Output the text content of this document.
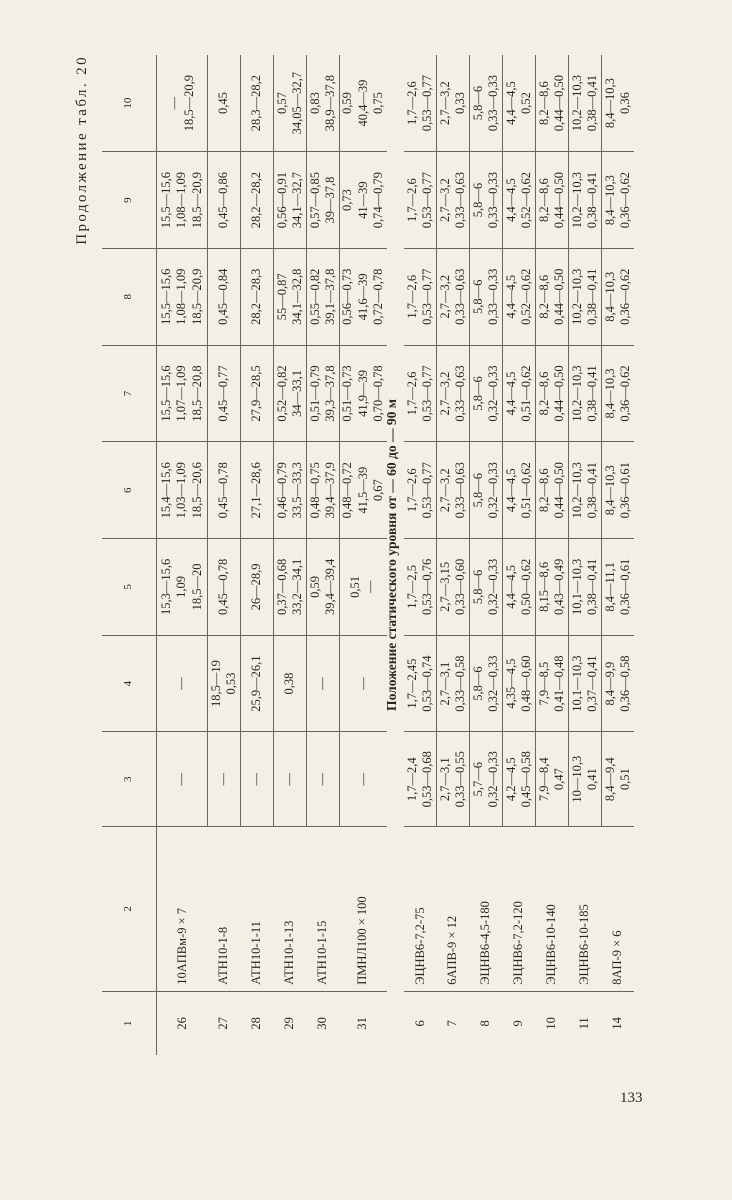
Продолжение табл. 20
1	2	3	4	5	6	7	8	9	10
26	10АПВм-9 × 7	—	—	15,3—15,6 1,09 18,5—20	15,4—15,6 1,03—1,09 18,5—20,6	15,5—15,6 1,07—1,09 18,5—20,8	15,5—15,6 1,08—1,09 18,5—20,9	15,5—15,6 1,08—1,09 18,5—20,9	— 18,5—20,9

27	АТН10-1-8	—	18,5—19 0,53	0,45—0,78	0,45—0,78	0,45—0,77	0,45—0,84	0,45—0,86	0,45

28	АТН10-1-11	—	25,9—26,1	26—28,9	27,1—28,6	27,9—28,5	28,2—28,3	28,2—28,2	28,3—28,2

29	АТН10-1-13	—	0,38	0,37—0,68 33,2—34,1	0,46—0,79 33,5—33,3	0,52—0,82 34—33,1	55—0,87 34,1—32,8	0,56—0,91 34,1—32,7	0,57 34,05—32,7

30	АТН10-1-15	—	—	0,59 39,4—39,4	0,48—0,75 39,4—37,9	0,51—0,79 39,3—37,8	0,55—0,82 39,1—37,8	0,57—0,85 39—37,8	0,83 38,9—37,8

31	ПМНЛ100 × 100	—	—	0,51 —	0,48—0,72 41,5—39 0,67	0,51—0,73 41,9—39 0,70—0,78	0,56—0,73 41,6—39 0,72—0,78	0,73 41—39 0,74—0,79	0,59 40,4—39 0,75
Положение статического уровня от — 60 до — 90 м
6	ЭЦНВ6-7,2-75	1,7—2,4 0,53—0,68	1,7—2,45 0,53—0,74	1,7—2,5 0,53—0,76	1,7—2,6 0,53—0,77	1,7—2,6 0,53—0,77	1,7—2,6 0,53—0,77	1,7—2,6 0,53—0,77	1,7—2,6 0,53—0,77

7	6АПВ-9 × 12	2,7—3,1 0,33—0,55	2,7—3,1 0,33—0,58	2,7—3,15 0,33—0,60	2,7—3,2 0,33—0,63	2,7—3,2 0,33—0,63	2,7—3,2 0,33—0,63	2,7—3,2 0,33—0,63	2,7—3,2 0,33

8	ЭЦНВ6-4,5-180	5,7—6 0,32—0,33	5,8—6 0,32—0,33	5,8—6 0,32—0,33	5,8—6 0,32—0,33	5,8—6 0,32—0,33	5,8—6 0,33—0,33	5,8—6 0,33—0,33	5,8—6 0,33—0,33

9	ЭЦНВ6-7,2-120	4,2—4,5 0,45—0,58	4,35—4,5 0,48—0,60	4,4—4,5 0,50—0,62	4,4—4,5 0,51—0,62	4,4—4,5 0,51—0,62	4,4—4,5 0,52—0,62	4,4—4,5 0,52—0,62	4,4—4,5 0,52

10	ЭЦНВ6-10-140	7,9—8,4 0,47	7,9—8,5 0,41—0,48	8,15—8,6 0,43—0,49	8,2—8,6 0,44—0,50	8,2—8,6 0,44—0,50	8,2—8,6 0,44—0,50	8,2—8,6 0,44—0,50	8,2—8,6 0,44—0,50

11	ЭЦНВ6-10-185	10—10,3 0,41	10,1—10,3 0,37—0,41	10,1—10,3 0,38—0,41	10,2—10,3 0,38—0,41	10,2—10,3 0,38—0,41	10,2—10,3 0,38—0,41	10,2—10,3 0,38—0,41	10,2—10,3 0,38—0,41

14	8АП-9 × 6	8,4—9,4 0,51	8,4—9,9 0,36—0,58	8,4—11,1 0,36—0,61	8,4—10,3 0,36—0,61	8,4—10,3 0,36—0,62	8,4—10,3 0,36—0,62	8,4—10,3 0,36—0,62	8,4—10,3 0,36
133
